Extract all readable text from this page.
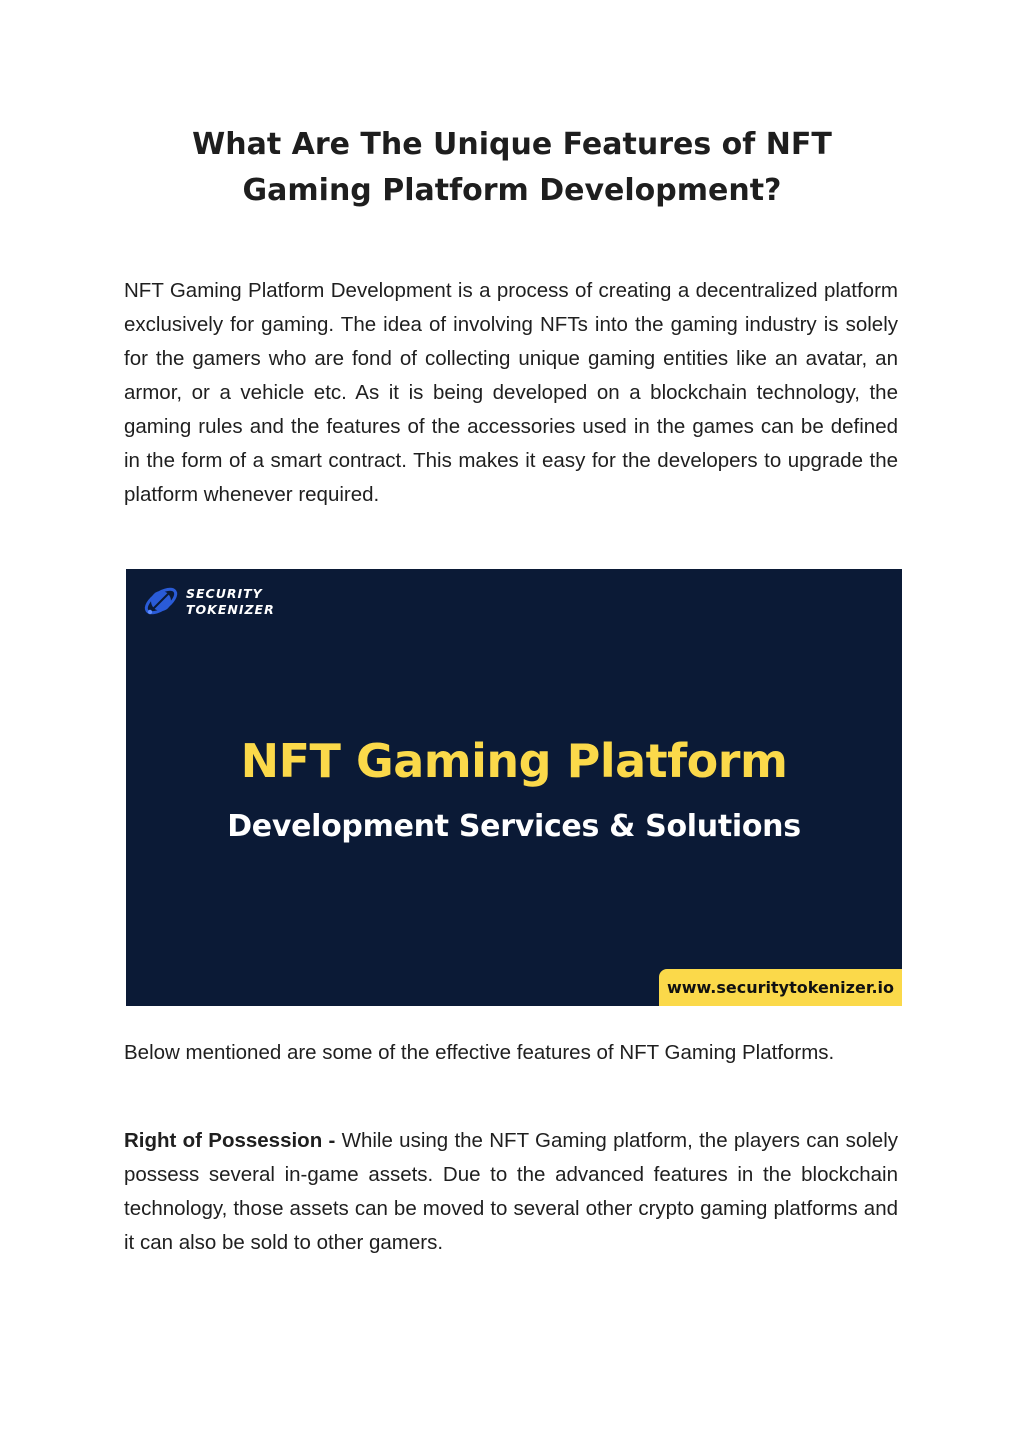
What Are The Unique Features of NFT Gaming Platform Development?

NFT Gaming Platform Development is a process of creating a decentralized platform exclusively for gaming. The idea of involving NFTs into the gaming industry is solely for the gamers who are fond of collecting unique gaming entities like an avatar, an armor, or a vehicle etc. As it is being developed on a blockchain technology, the gaming rules and the features of the accessories used in the games can be defined in the form of a smart contract. This makes it easy for the developers to upgrade the platform whenever required.

SECURITY
TOKENIZER
NFT Gaming Platform
Development Services & Solutions
www.securitytokenizer.io

Below mentioned are some of the effective features of NFT Gaming Platforms.

Right of Possession - While using the NFT Gaming platform, the players can solely possess several in-game assets. Due to the advanced features in the blockchain technology, those assets can be moved to several other crypto gaming platforms and it can also be sold to other gamers.
